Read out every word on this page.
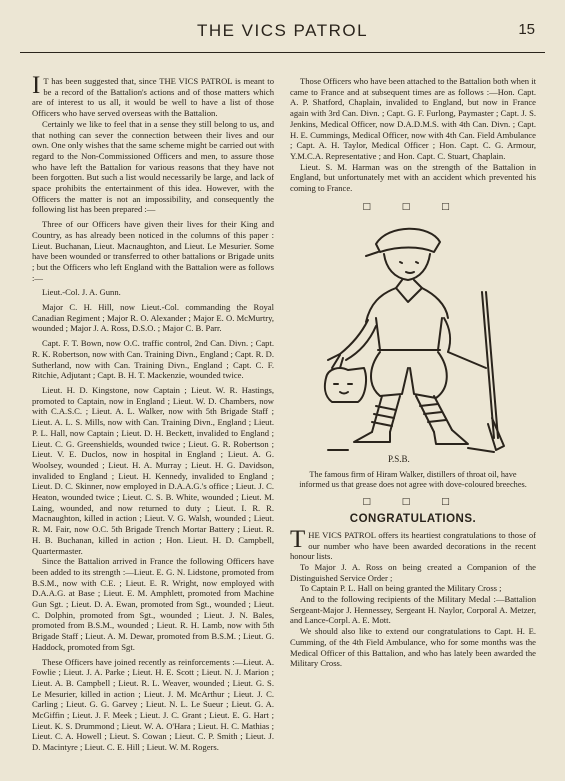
THE VICS PATROL	15

I T has been suggested that, since THE VICS PATROL is meant to be a record of the Battalion's actions and of those matters which are of interest to us all, it would be well to have a list of those Officers who have served overseas with the Battalion.

Certainly we like to feel that in a sense they still belong to us, and that nothing can sever the connection between their lives and our own. One only wishes that the same scheme might be carried out with regard to the Non-Commissioned Officers and men, to assure those who have left the Battalion for various reasons that they have not been forgotten. But such a list would necessarily be large, and lack of space prohibits the entertainment of this idea. However, with the Officers the matter is not an impossibility, and consequently the following list has been prepared :—

Three of our Officers have given their lives for their King and Country, as has already been noticed in the columns of this paper : Lieut. Buchanan, Lieut. Macnaughton, and Lieut. Le Mesurier. Some have been wounded or transferred to other battalions or Brigade units ; but the Officers who left England with the Battalion were as follows :—

Lieut.-Col. J. A. Gunn.

Major C. H. Hill, now Lieut.-Col. commanding the Royal Canadian Regiment ; Major R. O. Alexander ; Major E. O. McMurtry, wounded ; Major J. A. Ross, D.S.O. ; Major C. B. Parr.

Capt. F. T. Bown, now O.C. traffic control, 2nd Can. Divn. ; Capt. R. K. Robertson, now with Can. Training Divn., England ; Capt. R. D. Sutherland, now with Can. Training Divn., England ; Capt. C. F. Ritchie, Adjutant ; Capt. B. H. T. Mackenzie, wounded twice.

Lieut. H. D. Kingstone, now Captain ; Lieut. W. R. Hastings, promoted to Captain, now in England ; Lieut. W. D. Chambers, now with C.A.S.C. ; Lieut. A. L. Walker, now with 5th Brigade Staff ; Lieut. A. L. S. Mills, now with Can. Training Divn., England ; Lieut. P. L. Hall, now Captain ; Lieut. D. H. Beckett, invalided to England ; Lieut. C. G. Greenshields, wounded twice ; Lieut. G. R. Robertson ; Lieut. V. E. Duclos, now in hospital in England ; Lieut. A. G. Woolsey, wounded ; Lieut. H. A. Murray ; Lieut. H. G. Davidson, invalided to England ; Lieut. H. Kennedy, invalided to England ; Lieut. D. C. Skinner, now employed in D.A.A.G.'s office ; Lieut. J. C. Heaton, wounded twice ; Lieut. C. S. B. White, wounded ; Lieut. M. Laing, wounded, and now returned to duty ; Lieut. I. R. R. Macnaughton, killed in action ; Lieut. V. G. Walsh, wounded ; Lieut. R. M. Fair, now O.C. 5th Brigade Trench Mortar Battery ; Lieut. R. H. B. Buchanan, killed in action ; Hon. Lieut. H. D. Campbell, Quartermaster.

Since the Battalion arrived in France the following Officers have been added to its strength :—Lieut. E. G. N. Lidstone, promoted from B.S.M., now with C.E. ; Lieut. E. R. Wright, now employed with D.A.A.G. at Base ; Lieut. E. M. Amphlett, promoted from Machine Gun Sgt. ; Lieut. D. A. Ewan, promoted from Sgt., wounded ; Lieut. C. Dolphin, promoted from Sgt., wounded ; Lieut. J. N. Bales, promoted from B.S.M., wounded ; Lieut. R. H. Lamb, now with 5th Brigade Staff ; Lieut. A. M. Dewar, promoted from B.S.M. ; Lieut. G. Haddock, promoted from Sgt.

These Officers have joined recently as reinforcements :—Lieut. A. Fowlie ; Lieut. J. A. Parke ; Lieut. H. E. Scott ; Lieut. N. J. Marion ; Lieut. A. B. Campbell ; Lieut. R. L. Weaver, wounded ; Lieut. G. S. Le Mesurier, killed in action ; Lieut. J. M. McArthur ; Lieut. J. C. Carling ; Lieut. G. G. Garvey ; Lieut. N. L. Le Sueur ; Lieut. G. A. McGiffin ; Lieut. J. F. Meek ; Lieut. J. C. Grant ; Lieut. E. G. Hart ; Lieut. K. S. Drummond ; Lieut. W. A. O'Hara ; Lieut. H. C. Mathias ; Lieut. C. A. Howell ; Lieut. S. Cowan ; Lieut. C. P. Smith ; Lieut. J. D. Macintyre ; Lieut. C. E. Hill ; Lieut. W. M. Rogers.

Those Officers who have been attached to the Battalion both when it came to France and at subsequent times are as follows :—Hon. Capt. A. P. Shatford, Chaplain, invalided to England, but now in France again with 3rd Can. Divn. ; Capt. G. F. Furlong, Paymaster ; Capt. J. S. Jenkins, Medical Officer, now D.A.D.M.S. with 4th Can. Divn. ; Capt. H. E. Cummings, Medical Officer, now with 4th Can. Field Ambulance ; Capt. A. H. Taylor, Medical Officer ; Hon. Capt. C. G. Armour, Y.M.C.A. Representative ; and Hon. Capt. C. Stuart, Chaplain.

Lieut. S. M. Harman was on the strength of the Battalion in England, but unfortunately met with an accident which prevented his coming to France.

□ □ □
P.S.B.
The famous firm of Hiram Walker, distillers of throat oil, have informed us that grease does not agree with dove-coloured breeches.
□ □ □
CONGRATULATIONS.

THE VICS PATROL offers its heartiest congratulations to those of our number who have been awarded decorations in the recent honour lists.

To Major J. A. Ross on being created a Companion of the Distinguished Service Order ;

To Captain P. L. Hall on being granted the Military Cross ;

And to the following recipients of the Military Medal :—Battalion Sergeant-Major J. Hennessey, Sergeant H. Naylor, Corporal A. Metzer, and Lance-Corpl. A. E. Mott.

We should also like to extend our congratulations to Capt. H. E. Cumming, of the 4th Field Ambulance, who for some months was the Medical Officer of this Battalion, and who has lately been awarded the Military Cross.
